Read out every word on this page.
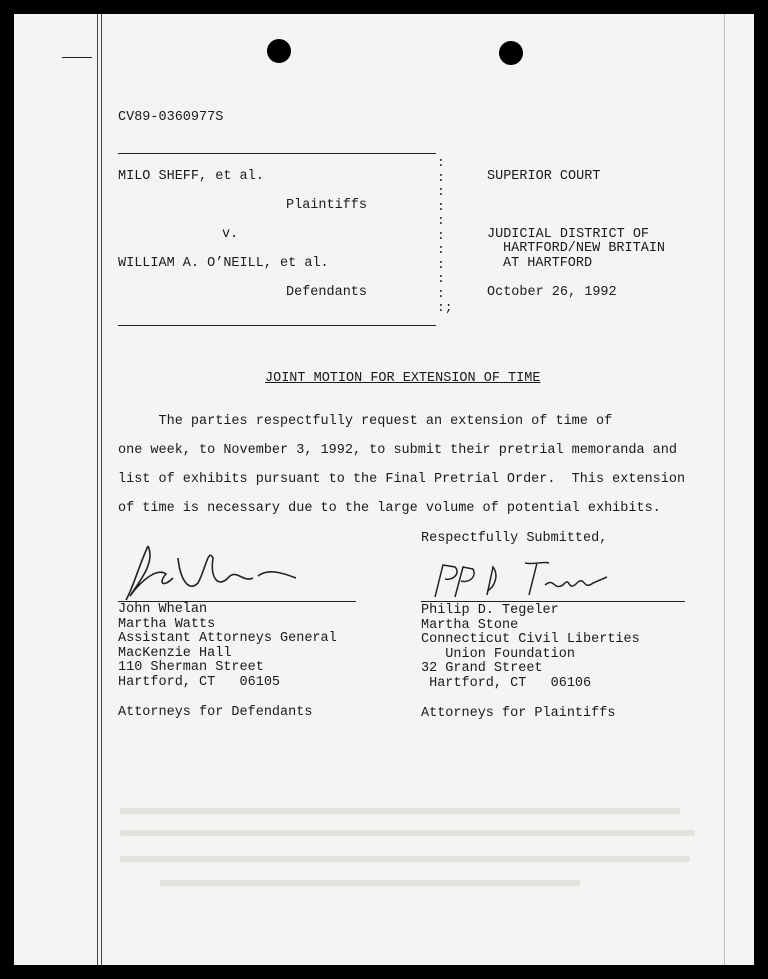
CV89-0360977S
MILO SHEFF, et al.
Plaintiffs
v.
WILLIAM A. O’NEILL, et al.
Defendants
:
:
:
:
:
:
:
:
:
:
:;
SUPERIOR COURT
JUDICIAL DISTRICT OF
HARTFORD/NEW BRITAIN
AT HARTFORD
October 26, 1992
JOINT MOTION FOR EXTENSION OF TIME
The parties respectfully request an extension of time of
one week, to November 3, 1992, to submit their pretrial memoranda and
list of exhibits pursuant to the Final Pretrial Order.  This extension
of time is necessary due to the large volume of potential exhibits.
Respectfully Submitted,
John Whelan
Martha Watts
Assistant Attorneys General
MacKenzie Hall
110 Sherman Street
Hartford, CT   06105
Attorneys for Defendants
Philip D. Tegeler
Martha Stone
Connecticut Civil Liberties
Union Foundation
32 Grand Street
Hartford, CT   06106
Attorneys for Plaintiffs
